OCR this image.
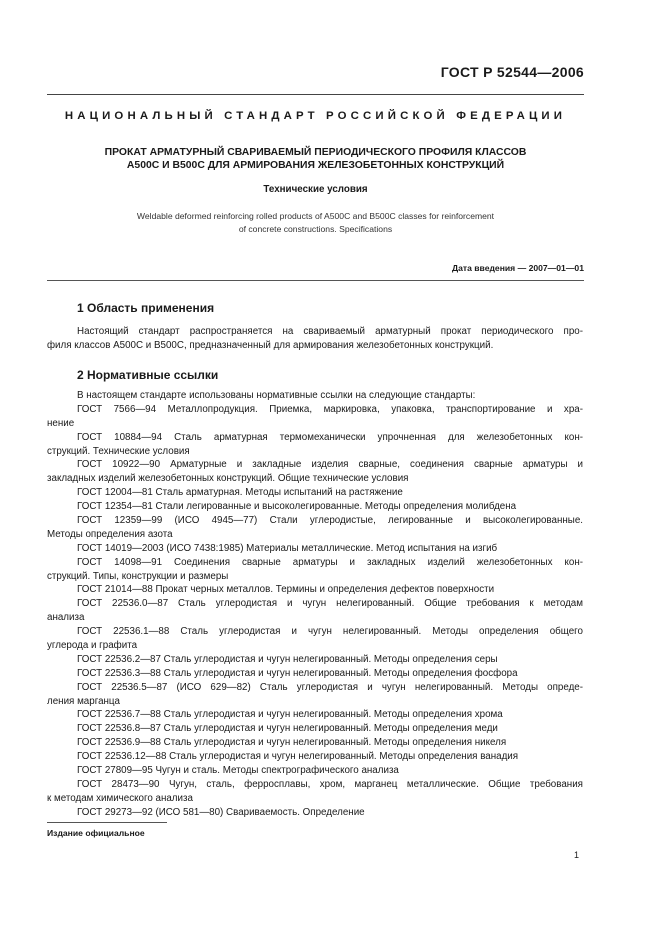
ГОСТ Р 52544—2006
НАЦИОНАЛЬНЫЙ СТАНДАРТ РОССИЙСКОЙ ФЕДЕРАЦИИ
ПРОКАТ АРМАТУРНЫЙ СВАРИВАЕМЫЙ ПЕРИОДИЧЕСКОГО ПРОФИЛЯ КЛАССОВ
А500С И В500С ДЛЯ АРМИРОВАНИЯ ЖЕЛЕЗОБЕТОННЫХ КОНСТРУКЦИЙ
Технические условия
Weldable deformed reinforcing rolled products of A500C and B500C classes for reinforcement
of concrete constructions. Specifications
Дата введения — 2007—01—01
1 Область применения
Настоящий стандарт распространяется на свариваемый арматурный прокат периодического про-
филя классов А500С и В500С, предназначенный для армирования железобетонных конструкций.
2 Нормативные ссылки
В настоящем стандарте использованы нормативные ссылки на следующие стандарты:
ГОСТ 7566—94 Металлопродукция. Приемка, маркировка, упаковка, транспортирование и хра-
нение
ГОСТ 10884—94 Сталь арматурная термомеханически упрочненная для железобетонных кон-
струкций. Технические условия
ГОСТ 10922—90 Арматурные и закладные изделия сварные, соединения сварные арматуры и
закладных изделий железобетонных конструкций. Общие технические условия
ГОСТ 12004—81 Сталь арматурная. Методы испытаний на растяжение
ГОСТ 12354—81 Стали легированные и высоколегированные. Методы определения молибдена
ГОСТ 12359—99 (ИСО 4945—77) Стали углеродистые, легированные и высоколегированные.
Методы определения азота
ГОСТ 14019—2003 (ИСО 7438:1985) Материалы металлические. Метод испытания на изгиб
ГОСТ 14098—91 Соединения сварные арматуры и закладных изделий железобетонных кон-
струкций. Типы, конструкции и размеры
ГОСТ 21014—88 Прокат черных металлов. Термины и определения дефектов поверхности
ГОСТ 22536.0—87 Сталь углеродистая и чугун нелегированный. Общие требования к методам
анализа
ГОСТ 22536.1—88 Сталь углеродистая и чугун нелегированный. Методы определения общего
углерода и графита
ГОСТ 22536.2—87 Сталь углеродистая и чугун нелегированный. Методы определения серы
ГОСТ 22536.3—88 Сталь углеродистая и чугун нелегированный. Методы определения фосфора
ГОСТ 22536.5—87 (ИСО 629—82) Сталь углеродистая и чугун нелегированный. Методы опреде-
ления марганца
ГОСТ 22536.7—88 Сталь углеродистая и чугун нелегированный. Методы определения хрома
ГОСТ 22536.8—87 Сталь углеродистая и чугун нелегированный. Методы определения меди
ГОСТ 22536.9—88 Сталь углеродистая и чугун нелегированный. Методы определения никеля
ГОСТ 22536.12—88 Сталь углеродистая и чугун нелегированный. Методы определения ванадия
ГОСТ 27809—95 Чугун и сталь. Методы спектрографического анализа
ГОСТ 28473—90 Чугун, сталь, ферросплавы, хром, марганец металлические. Общие требования
к методам химического анализа
ГОСТ 29273—92 (ИСО 581—80) Свариваемость. Определение
Издание официальное
1
